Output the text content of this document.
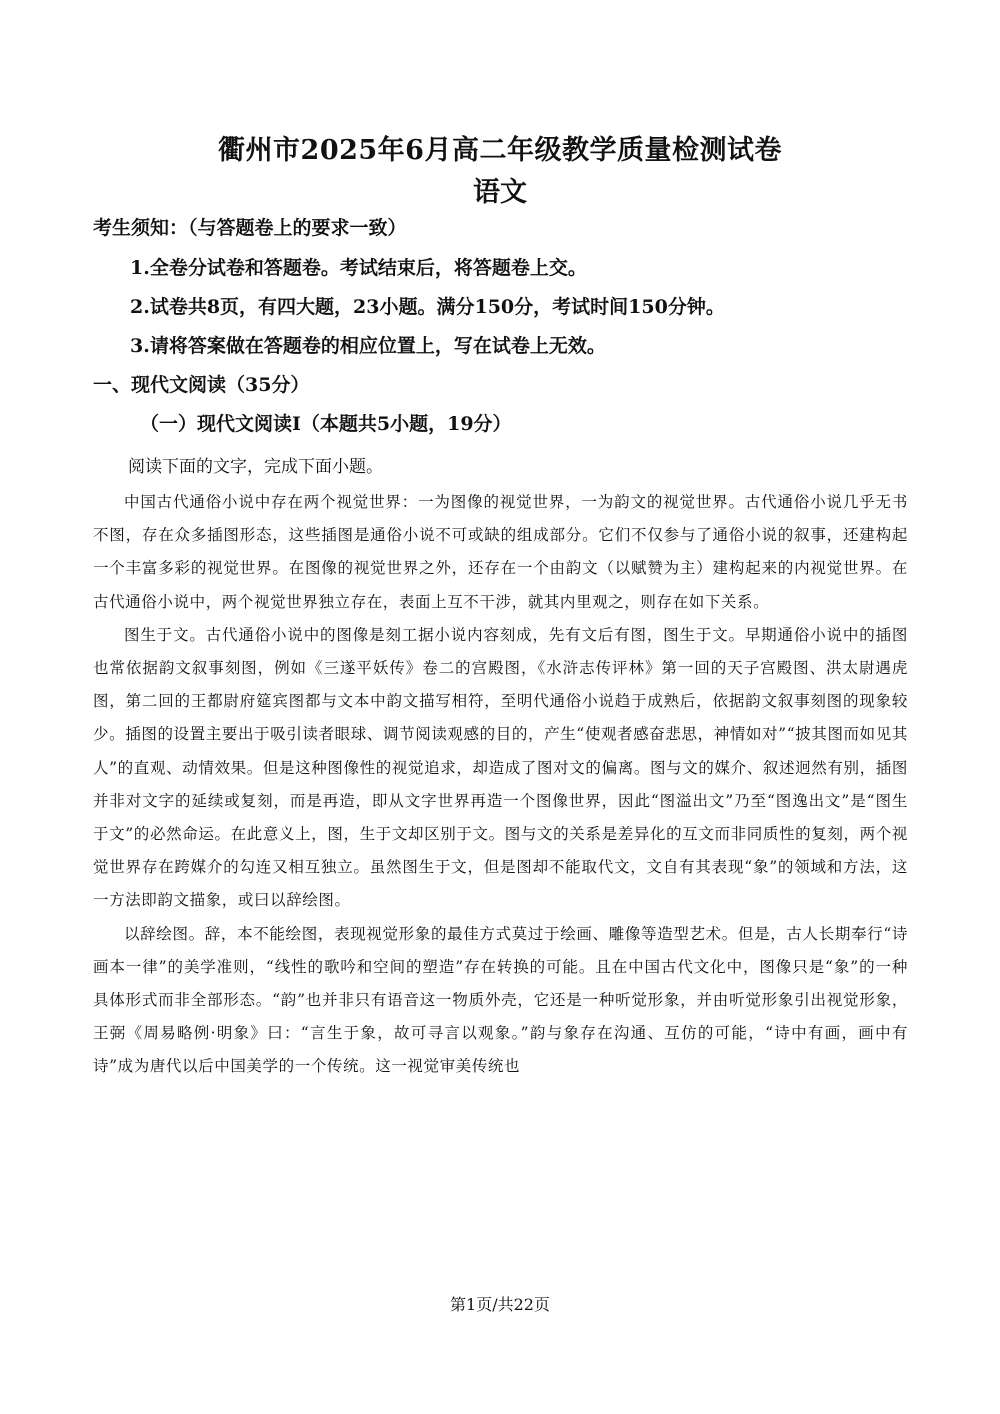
衢州市2025年6月高二年级教学质量检测试卷
语文
考生须知：（与答题卷上的要求一致）
1.全卷分试卷和答题卷。考试结束后，将答题卷上交。
2.试卷共8页，有四大题，23小题。满分150分，考试时间150分钟。
3.请将答案做在答题卷的相应位置上，写在试卷上无效。
一、现代文阅读（35分）
（一）现代文阅读Ⅰ（本题共5小题，19分）
阅读下面的文字，完成下面小题。

中国古代通俗小说中存在两个视觉世界：一为图像的视觉世界，一为韵文的视觉世界。古代通俗小说几乎无书不图，存在众多插图形态，这些插图是通俗小说不可或缺的组成部分。它们不仅参与了通俗小说的叙事，还建构起一个丰富多彩的视觉世界。在图像的视觉世界之外，还存在一个由韵文（以赋赞为主）建构起来的内视觉世界。在古代通俗小说中，两个视觉世界独立存在，表面上互不干涉，就其内里观之，则存在如下关系。

图生于文。古代通俗小说中的图像是刻工据小说内容刻成，先有文后有图，图生于文。早期通俗小说中的插图也常依据韵文叙事刻图，例如《三遂平妖传》卷二的宫殿图，《水浒志传评林》第一回的天子宫殿图、洪太尉遇虎图，第二回的王都尉府筵宾图都与文本中韵文描写相符，至明代通俗小说趋于成熟后，依据韵文叙事刻图的现象较少。插图的设置主要出于吸引读者眼球、调节阅读观感的目的，产生“使观者感奋悲思，神情如对”“披其图而如见其人”的直观、动情效果。但是这种图像性的视觉追求，却造成了图对文的偏离。图与文的媒介、叙述迥然有别，插图并非对文字的延续或复刻，而是再造，即从文字世界再造一个图像世界，因此“图溢出文”乃至“图逸出文”是“图生于文”的必然命运。在此意义上，图，生于文却区别于文。图与文的关系是差异化的互文而非同质性的复刻，两个视觉世界存在跨媒介的勾连又相互独立。虽然图生于文，但是图却不能取代文，文自有其表现“象”的领域和方法，这一方法即韵文描象，或曰以辞绘图。

以辞绘图。辞，本不能绘图，表现视觉形象的最佳方式莫过于绘画、雕像等造型艺术。但是，古人长期奉行“诗画本一律”的美学准则，“线性的歌吟和空间的塑造”存在转换的可能。且在中国古代文化中，图像只是“象”的一种具体形式而非全部形态。“韵”也并非只有语音这一物质外壳，它还是一种听觉形象，并由听觉形象引出视觉形象，王弼《周易略例·明象》曰：“言生于象，故可寻言以观象。”韵与象存在沟通、互仿的可能，“诗中有画，画中有诗”成为唐代以后中国美学的一个传统。这一视觉审美传统也

第1页/共22页
